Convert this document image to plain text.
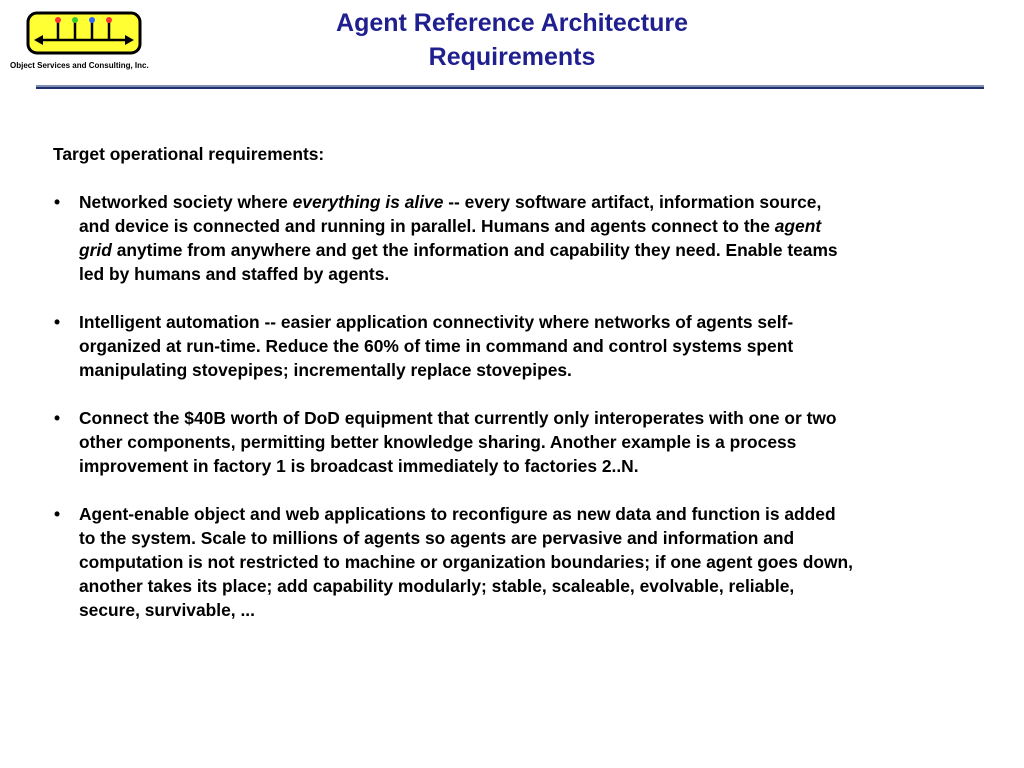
Object Services and Consulting, Inc.
Agent Reference Architecture
Requirements
Target operational requirements:
• Networked society where everything is alive -- every software artifact, information source,
and device is connected and running in parallel. Humans and agents connect to the agent
grid anytime from anywhere and get the information and capability they need. Enable teams
led by humans and staffed by agents.
• Intelligent automation -- easier application connectivity where networks of agents self-
organized at run-time. Reduce the 60% of time in command and control systems spent
manipulating stovepipes; incrementally replace stovepipes.
• Connect the $40B worth of DoD equipment that currently only interoperates with one or two
other components, permitting better knowledge sharing. Another example is a process
improvement in factory 1 is broadcast immediately to factories 2..N.
• Agent-enable object and web applications to reconfigure as new data and function is added
to the system. Scale to millions of agents so agents are pervasive and information and
computation is not restricted to machine or organization boundaries; if one agent goes down,
another takes its place; add capability modularly; stable, scaleable, evolvable, reliable,
secure, survivable, ...
